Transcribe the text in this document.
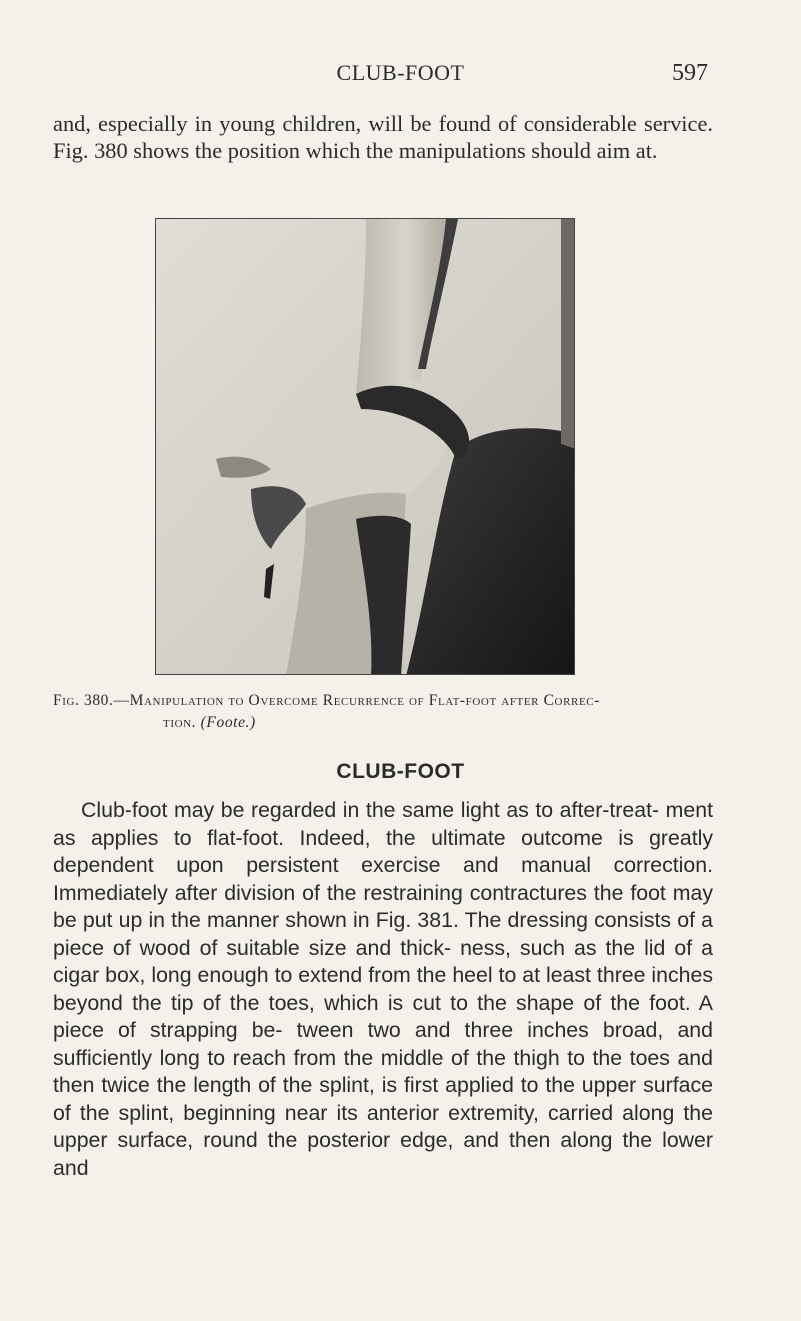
CLUB-FOOT	597

and, especially in young children, will be found of considerable service. Fig. 380 shows the position which the manipulations should aim at.

Fig. 380.—Manipulation to Overcome Recurrence of Flat-foot after Correc-
tion. (Foote.)
CLUB-FOOT

Club-foot may be regarded in the same light as to after-treat- ment as applies to flat-foot. Indeed, the ultimate outcome is greatly dependent upon persistent exercise and manual correction. Immediately after division of the restraining contractures the foot may be put up in the manner shown in Fig. 381. The dressing consists of a piece of wood of suitable size and thick- ness, such as the lid of a cigar box, long enough to extend from the heel to at least three inches beyond the tip of the toes, which is cut to the shape of the foot. A piece of strapping be- tween two and three inches broad, and sufficiently long to reach from the middle of the thigh to the toes and then twice the length of the splint, is first applied to the upper surface of the splint, beginning near its anterior extremity, carried along the upper surface, round the posterior edge, and then along the lower and
